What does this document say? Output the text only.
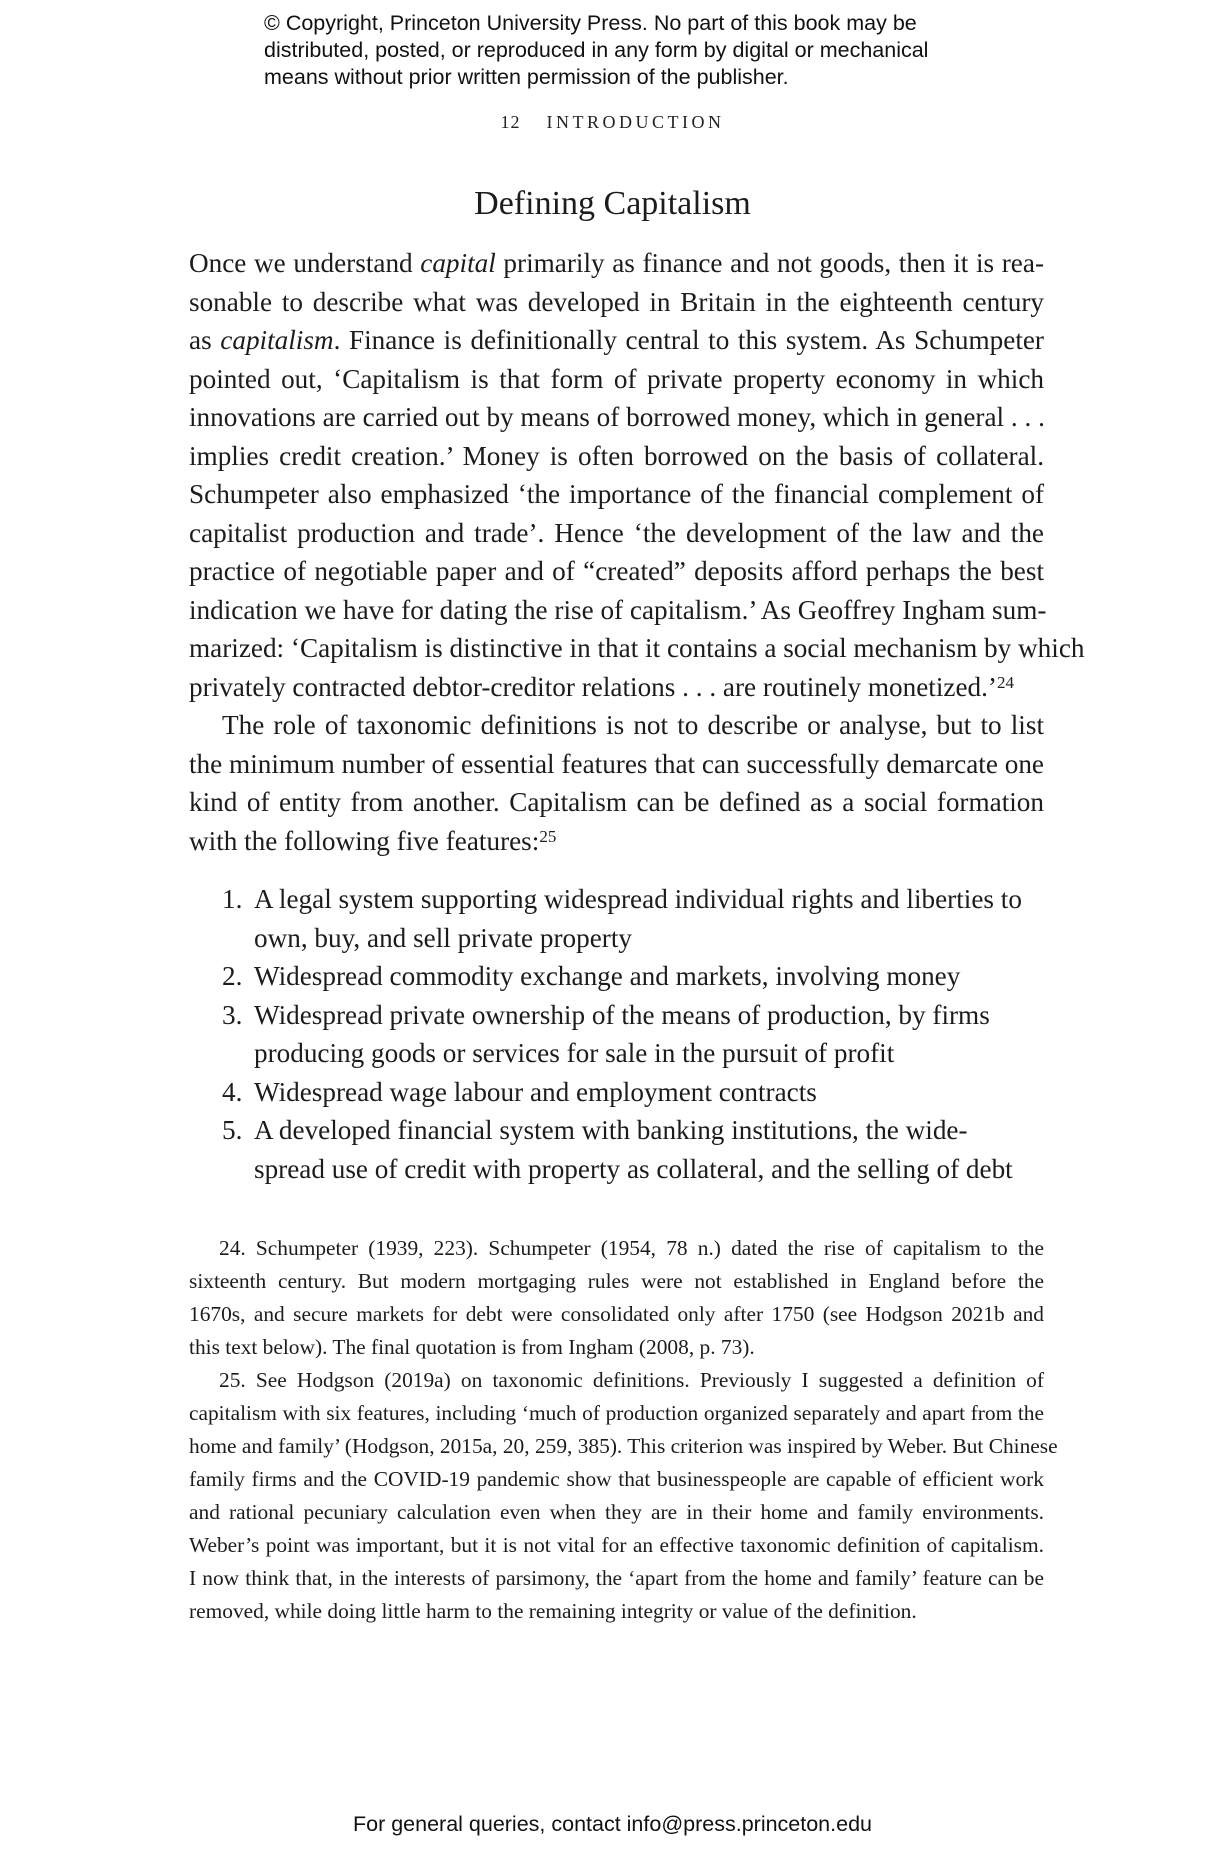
© Copyright, Princeton University Press. No part of this book may be
distributed, posted, or reproduced in any form by digital or mechanical
means without prior written permission of the publisher.
12 INTRODUCTION
Defining Capitalism
Once we understand capital primarily as finance and not goods, then it is rea-
sonable to describe what was developed in Britain in the eighteenth century
as capitalism. Finance is definitionally central to this system. As Schumpeter
pointed out, ‘Capitalism is that form of private property economy in which
innovations are carried out by means of borrowed money, which in general . . .
implies credit creation.’ Money is often borrowed on the basis of collateral.
Schumpeter also emphasized ‘the importance of the financial complement of
capitalist production and trade’. Hence ‘the development of the law and the
practice of negotiable paper and of “created” deposits afford perhaps the best
indication we have for dating the rise of capitalism.’ As Geoffrey Ingham sum-
marized: ‘Capitalism is distinctive in that it contains a social mechanism by which
privately contracted debtor-creditor relations . . . are routinely monetized.’$^{24}$
The role of taxonomic definitions is not to describe or analyse, but to list
the minimum number of essential features that can successfully demarcate one
kind of entity from another. Capitalism can be defined as a social formation
with the following five features:$^{25}$
1. A legal system supporting widespread individual rights and liberties to
own, buy, and sell private property
2. Widespread commodity exchange and markets, involving money
3. Widespread private ownership of the means of production, by firms
producing goods or services for sale in the pursuit of profit
4. Widespread wage labour and employment contracts
5. A developed financial system with banking institutions, the wide-
spread use of credit with property as collateral, and the selling of debt
24. Schumpeter (1939, 223). Schumpeter (1954, 78 n.) dated the rise of capitalism to the
sixteenth century. But modern mortgaging rules were not established in England before the
1670s, and secure markets for debt were consolidated only after 1750 (see Hodgson 2021b and
this text below). The final quotation is from Ingham (2008, p. 73).
25. See Hodgson (2019a) on taxonomic definitions. Previously I suggested a definition of
capitalism with six features, including ‘much of production organized separately and apart from the
home and family’ (Hodgson, 2015a, 20, 259, 385). This criterion was inspired by Weber. But Chinese
family firms and the COVID-19 pandemic show that businesspeople are capable of efficient work
and rational pecuniary calculation even when they are in their home and family environments.
Weber’s point was important, but it is not vital for an effective taxonomic definition of capitalism.
I now think that, in the interests of parsimony, the ‘apart from the home and family’ feature can be
removed, while doing little harm to the remaining integrity or value of the definition.
For general queries, contact info@press.princeton.edu
